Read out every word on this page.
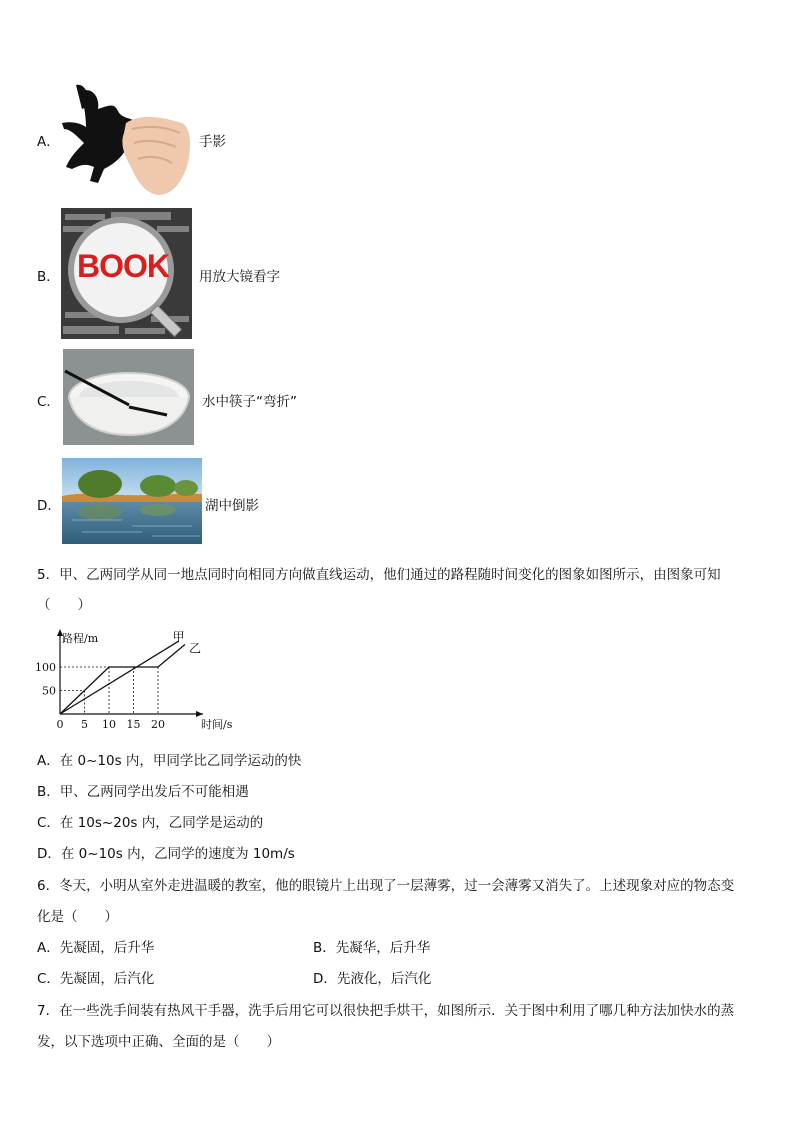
A．	手影
B． BOOK 用放大镜看字
C．	水中筷子“弯折”
D．	湖中倒影
5．甲、乙两同学从同一地点同时向相同方向做直线运动，他们通过的路程随时间变化的图象如图所示，由图象可知
（　　）
0 5 10 15 20
50
100
路程/m
时间/s
甲
乙
A．在 0~10s 内，甲同学比乙同学运动的快
B．甲、乙两同学出发后不可能相遇
C．在 10s~20s 内，乙同学是运动的
D．在 0~10s 内，乙同学的速度为 10m/s
6．冬天，小明从室外走进温暖的教室，他的眼镜片上出现了一层薄雾，过一会薄雾又消失了。上述现象对应的物态变
化是（　　）
A．先凝固，后升华	B．先凝华，后升华
C．先凝固，后汽化	D．先液化，后汽化
7．在一些洗手间装有热风干手器，洗手后用它可以很快把手烘干，如图所示．关于图中利用了哪几种方法加快水的蒸
发，以下选项中正确、全面的是（　　）
